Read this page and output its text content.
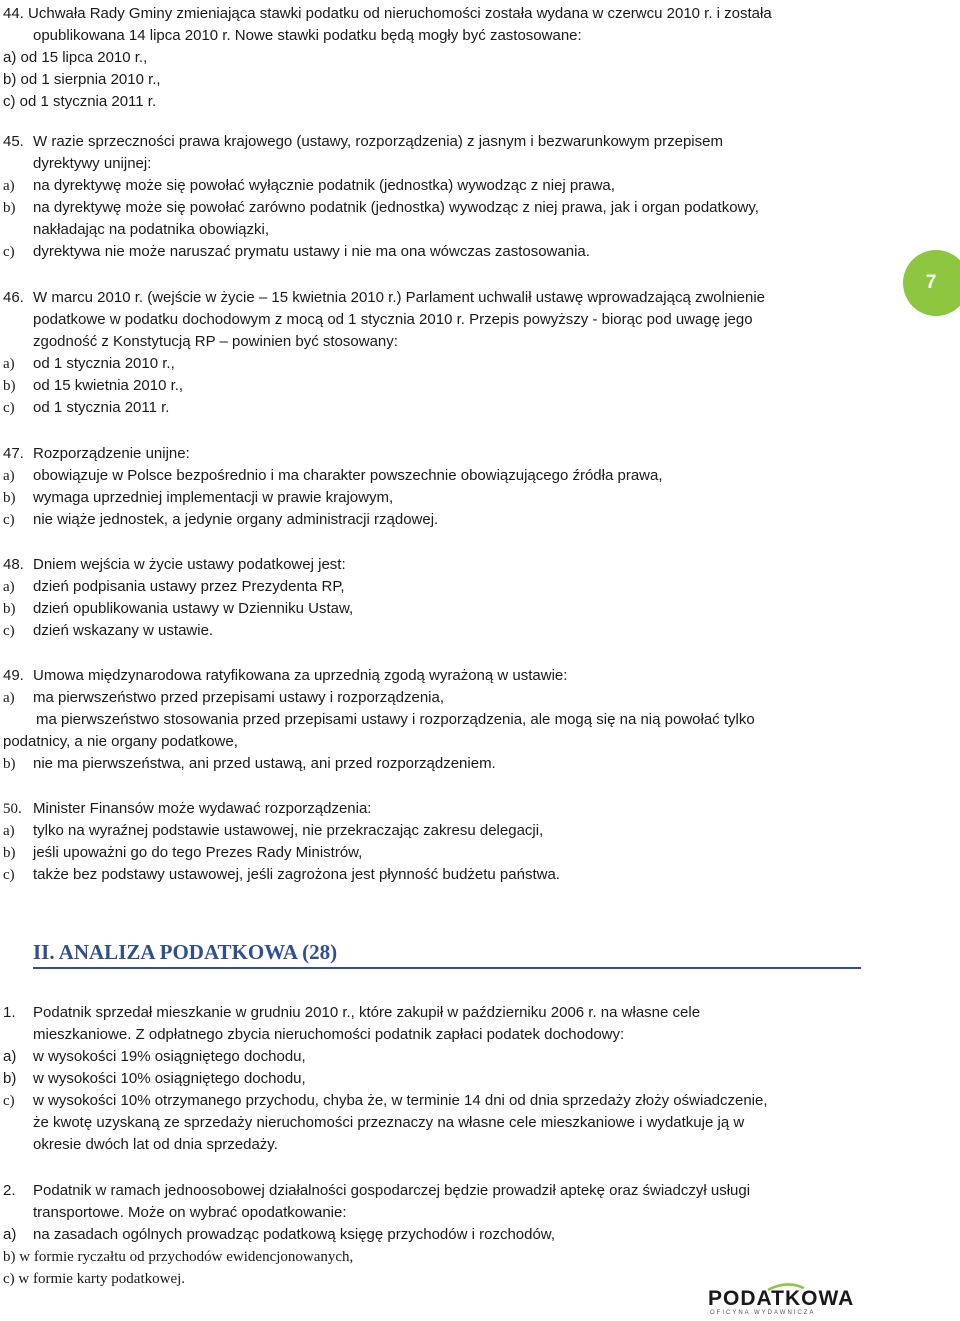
44. Uchwała Rady Gminy zmieniająca stawki podatku od nieruchomości została wydana w czerwcu 2010 r. i została
opublikowana 14 lipca 2010 r. Nowe stawki podatku będą mogły być zastosowane:
a) od 15 lipca 2010 r.,
b) od 1 sierpnia 2010 r.,
c) od 1 stycznia 2011 r.
45. W razie sprzeczności prawa krajowego (ustawy, rozporządzenia) z jasnym i bezwarunkowym przepisem
dyrektywy unijnej:
a) na dyrektywę może się powołać wyłącznie podatnik (jednostka) wywodząc z niej prawa,
b) na dyrektywę może się powołać zarówno podatnik (jednostka) wywodząc z niej prawa, jak i organ podatkowy,
nakładając na podatnika obowiązki,
c) dyrektywa nie może naruszać prymatu ustawy i nie ma ona wówczas zastosowania.
46. W marcu 2010 r. (wejście w życie – 15 kwietnia 2010 r.) Parlament uchwalił ustawę wprowadzającą zwolnienie
podatkowe w podatku dochodowym z mocą od 1 stycznia 2010 r. Przepis powyższy - biorąc pod uwagę jego
zgodność z Konstytucją RP – powinien być stosowany:
a) od 1 stycznia 2010 r.,
b) od 15 kwietnia 2010 r.,
c) od 1 stycznia 2011 r.
7
47. Rozporządzenie unijne:
a) obowiązuje w Polsce bezpośrednio i ma charakter powszechnie obowiązującego źródła prawa,
b) wymaga uprzedniej implementacji w prawie krajowym,
c) nie wiąże jednostek, a jedynie organy administracji rządowej.
48. Dniem wejścia w życie ustawy podatkowej jest:
a) dzień podpisania ustawy przez Prezydenta RP,
b) dzień opublikowania ustawy w Dzienniku Ustaw,
c) dzień wskazany w ustawie.
49. Umowa międzynarodowa ratyfikowana za uprzednią zgodą wyrażoną w ustawie:
a) ma pierwszeństwo przed przepisami ustawy i rozporządzenia,
ma pierwszeństwo stosowania przed przepisami ustawy i rozporządzenia, ale mogą się na nią powołać tylko
podatnicy, a nie organy podatkowe,
b) nie ma pierwszeństwa, ani przed ustawą, ani przed rozporządzeniem.
50. Minister Finansów może wydawać rozporządzenia:
a) tylko na wyraźnej podstawie ustawowej, nie przekraczając zakresu delegacji,
b) jeśli upoważni go do tego Prezes Rady Ministrów,
c) także bez podstawy ustawowej, jeśli zagrożona jest płynność budżetu państwa.
II. ANALIZA PODATKOWA (28)
1. Podatnik sprzedał mieszkanie w grudniu 2010 r., które zakupił w październiku 2006 r. na własne cele
mieszkaniowe. Z odpłatnego zbycia nieruchomości podatnik zapłaci podatek dochodowy:
a) w wysokości 19% osiągniętego dochodu,
b) w wysokości 10% osiągniętego dochodu,
c) w wysokości 10% otrzymanego przychodu, chyba że, w terminie 14 dni od dnia sprzedaży złoży oświadczenie,
że kwotę uzyskaną ze sprzedaży nieruchomości przeznaczy na własne cele mieszkaniowe i wydatkuje ją w
okresie dwóch lat od dnia sprzedaży.
2. Podatnik w ramach jednoosobowej działalności gospodarczej będzie prowadził aptekę oraz świadczył usługi
transportowe. Może on wybrać opodatkowanie:
a) na zasadach ogólnych prowadząc podatkową księgę przychodów i rozchodów,
b) w formie ryczałtu od przychodów ewidencjonowanych,
c) w formie karty podatkowej.
PODATKOWA
OFICYNA WYDAWNICZA
